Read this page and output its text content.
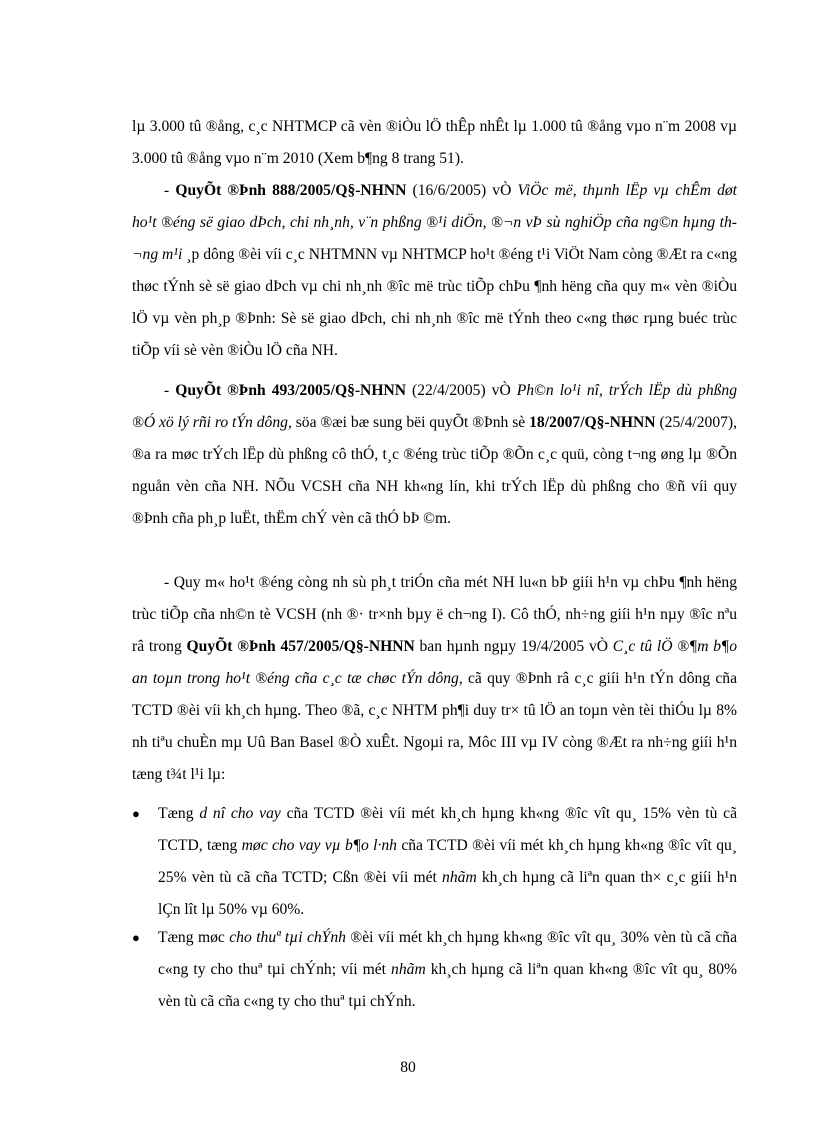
lµ 3.000 tû ®ång, c¸c NHTMCP cã vèn ®iÒu lÖ thÊp nhÊt lµ 1.000 tû ®ång vµo n¨m 2008 vµ 3.000 tû ®ång vµo n¨m 2010 (Xem b¶ng 8 trang 51).

- QuyÕt ®Þnh 888/2005/Q§-NHNN (16/6/2005) vÒ ViÖc më, thµnh lËp vµ chÊm døt ho¹t ®éng së giao dÞch, chi nh¸nh, v¨n phßng ®¹i diÖn, ®¬n vÞ sù nghiÖp cña ng©n hµng th¬ng m¹i ¸p dông ®èi víi c¸c NHTMNN vµ NHTMCP ho¹t ®éng t¹i ViÖt Nam còng ®Æt ra c«ng thøc tÝnh sè së giao dÞch vµ chi nh¸nh ®îc më trùc tiÕp chÞu ¶nh hëng cña quy m« vèn ®iÒu lÖ vµ vèn ph¸p ®Þnh: Sè së giao dÞch, chi nh¸nh ®îc më tÝnh theo c«ng thøc rµng buéc trùc tiÕp víi sè vèn ®iÒu lÖ cña NH.

- QuyÕt ®Þnh 493/2005/Q§-NHNN (22/4/2005) vÒ Ph©n lo¹i nî, trÝch lËp dù phßng ®Ó xö lý rñi ro tÝn dông, söa ®æi bæ sung bëi quyÕt ®Þnh sè 18/2007/Q§-NHNN (25/4/2007), ®a ra møc trÝch lËp dù phßng cô thÓ, t¸c ®éng trùc tiÕp ®Õn c¸c quü, còng t¬ng øng lµ ®Õn nguån vèn cña NH. NÕu VCSH cña NH kh«ng lín, khi trÝch lËp dù phßng cho ®ñ víi quy ®Þnh cña ph¸p luËt, thËm chÝ vèn cã thÓ bÞ ©m.

- Quy m« ho¹t ®éng còng nh sù ph¸t triÓn cña mét NH lu«n bÞ giíi h¹n vµ chÞu ¶nh hëng trùc tiÕp cña nh©n tè VCSH (nh ®· tr×nh bµy ë ch¬ng I). Cô thÓ, nh÷ng giíi h¹n nµy ®îc nªu râ trong QuyÕt ®Þnh 457/2005/Q§-NHNN ban hµnh ngµy 19/4/2005 vÒ C¸c tû lÖ ®¶m b¶o an toµn trong ho¹t ®éng cña c¸c tæ chøc tÝn dông, cã quy ®Þnh râ c¸c giíi h¹n tÝn dông cña TCTD ®èi víi kh¸ch hµng. Theo ®ã, c¸c NHTM ph¶i duy tr× tû lÖ an toµn vèn tèi thiÓu lµ 8% nh tiªu chuÈn mµ Uû Ban Basel ®Ò xuÊt. Ngoµi ra, Môc III vµ IV còng ®Æt ra nh÷ng giíi h¹n tæng t¾t l¹i lµ:

● Tæng d nî cho vay cña TCTD ®èi víi mét kh¸ch hµng kh«ng ®îc vît qu¸ 15% vèn tù cã TCTD, tæng møc cho vay vµ b¶o l·nh cña TCTD ®èi víi mét kh¸ch hµng kh«ng ®îc vît qu¸ 25% vèn tù cã cña TCTD; Cßn ®èi víi mét nhãm kh¸ch hµng cã liªn quan th× c¸c giíi h¹n lÇn lît lµ 50% vµ 60%.
● Tæng møc cho thuª tµi chÝnh ®èi víi mét kh¸ch hµng kh«ng ®îc vît qu¸ 30% vèn tù cã cña c«ng ty cho thuª tµi chÝnh; víi mét nhãm kh¸ch hµng cã liªn quan kh«ng ®îc vît qu¸ 80% vèn tù cã cña c«ng ty cho thuª tµi chÝnh.
80
